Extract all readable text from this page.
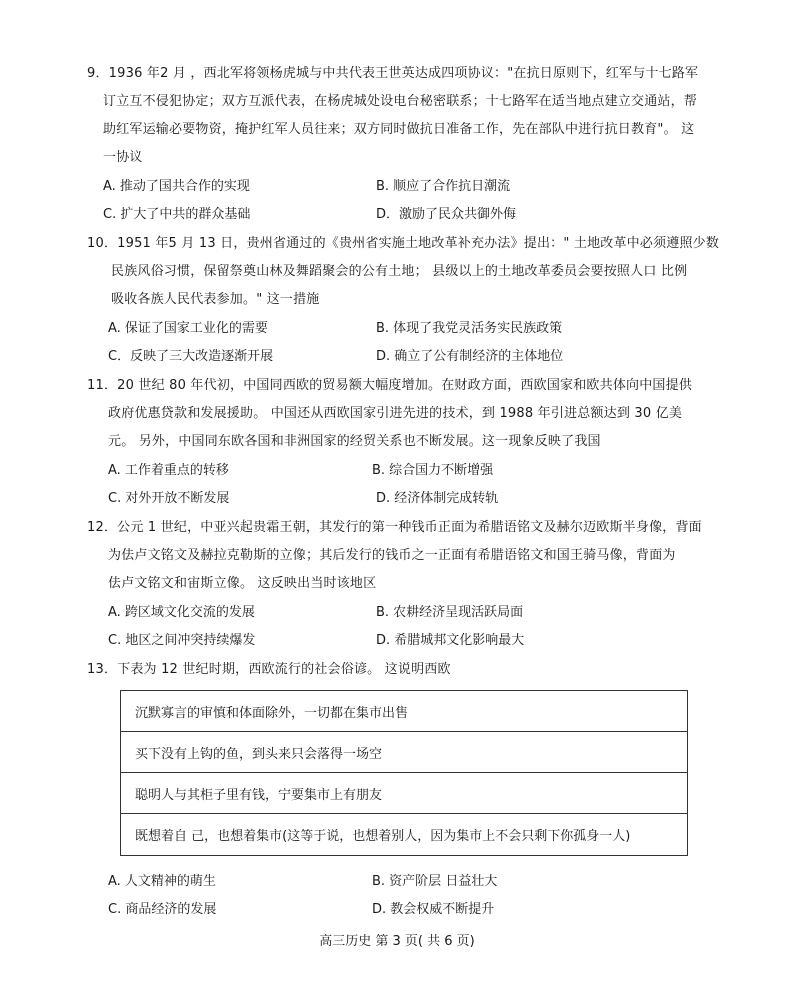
9．1936 年2 月 ，西北军将领杨虎城与中共代表王世英达成四项协议："在抗日原则下，红军与十七路军
订立互不侵犯协定；双方互派代表，在杨虎城处设电台秘密联系；十七路军在适当地点建立交通站，帮
助红军运输必要物资，掩护红军人员往来；双方同时做抗日准备工作，先在部队中进行抗日教育"。 这
一协议
A. 推动了国共合作的实现	B. 顺应了合作抗日潮流
C. 扩大了中共的群众基础	D．激励了民众共御外侮
10．1951 年5 月 13 日，贵州省通过的《贵州省实施土地改革补充办法》提出：" 土地改革中必须遵照少数
民族风俗习惯，保留祭奠山林及舞蹈聚会的公有土地； 县级以上的土地改革委员会要按照人口 比例
吸收各族人民代表参加。" 这一措施
A. 保证了国家工业化的需要	B. 体现了我党灵活务实民族政策
C．反映了三大改造逐渐开展	D. 确立了公有制经济的主体地位
11．20 世纪 80 年代初，中国同西欧的贸易额大幅度增加。在财政方面，西欧国家和欧共体向中国提供
政府优惠贷款和发展援助。 中国还从西欧国家引进先进的技术，到 1988 年引进总额达到 30 亿美
元。 另外，中国同东欧各国和非洲国家的经贸关系也不断发展。这一现象反映了我国
A. 工作着重点的转移	B. 综合国力不断增强
C. 对外开放不断发展	D. 经济体制完成转轨
12．公元 1 世纪，中亚兴起贵霜王朝，其发行的第一种钱币正面为希腊语铭文及赫尔迈欧斯半身像，背面
为佉卢文铭文及赫拉克勒斯的立像；其后发行的钱币之一正面有希腊语铭文和国王骑马像，背面为
佉卢文铭文和宙斯立像。 这反映出当时该地区
A. 跨区域文化交流的发展	B. 农耕经济呈现活跃局面
C. 地区之间冲突持续爆发	D. 希腊城邦文化影响最大
13．下表为 12 世纪时期，西欧流行的社会俗谚。 这说明西欧
沉默寡言的审慎和体面除外，一切都在集市出售
买下没有上钩的鱼，到头来只会落得一场空
聪明人与其柜子里有钱，宁要集市上有朋友
既想着自 己，也想着集市(这等于说，也想着别人，因为集市上不会只剩下你孤身一人)
A. 人文精神的萌生	B. 资产阶层 日益壮大
C. 商品经济的发展	D. 教会权威不断提升
高三历史 第 3 页( 共 6 页)
